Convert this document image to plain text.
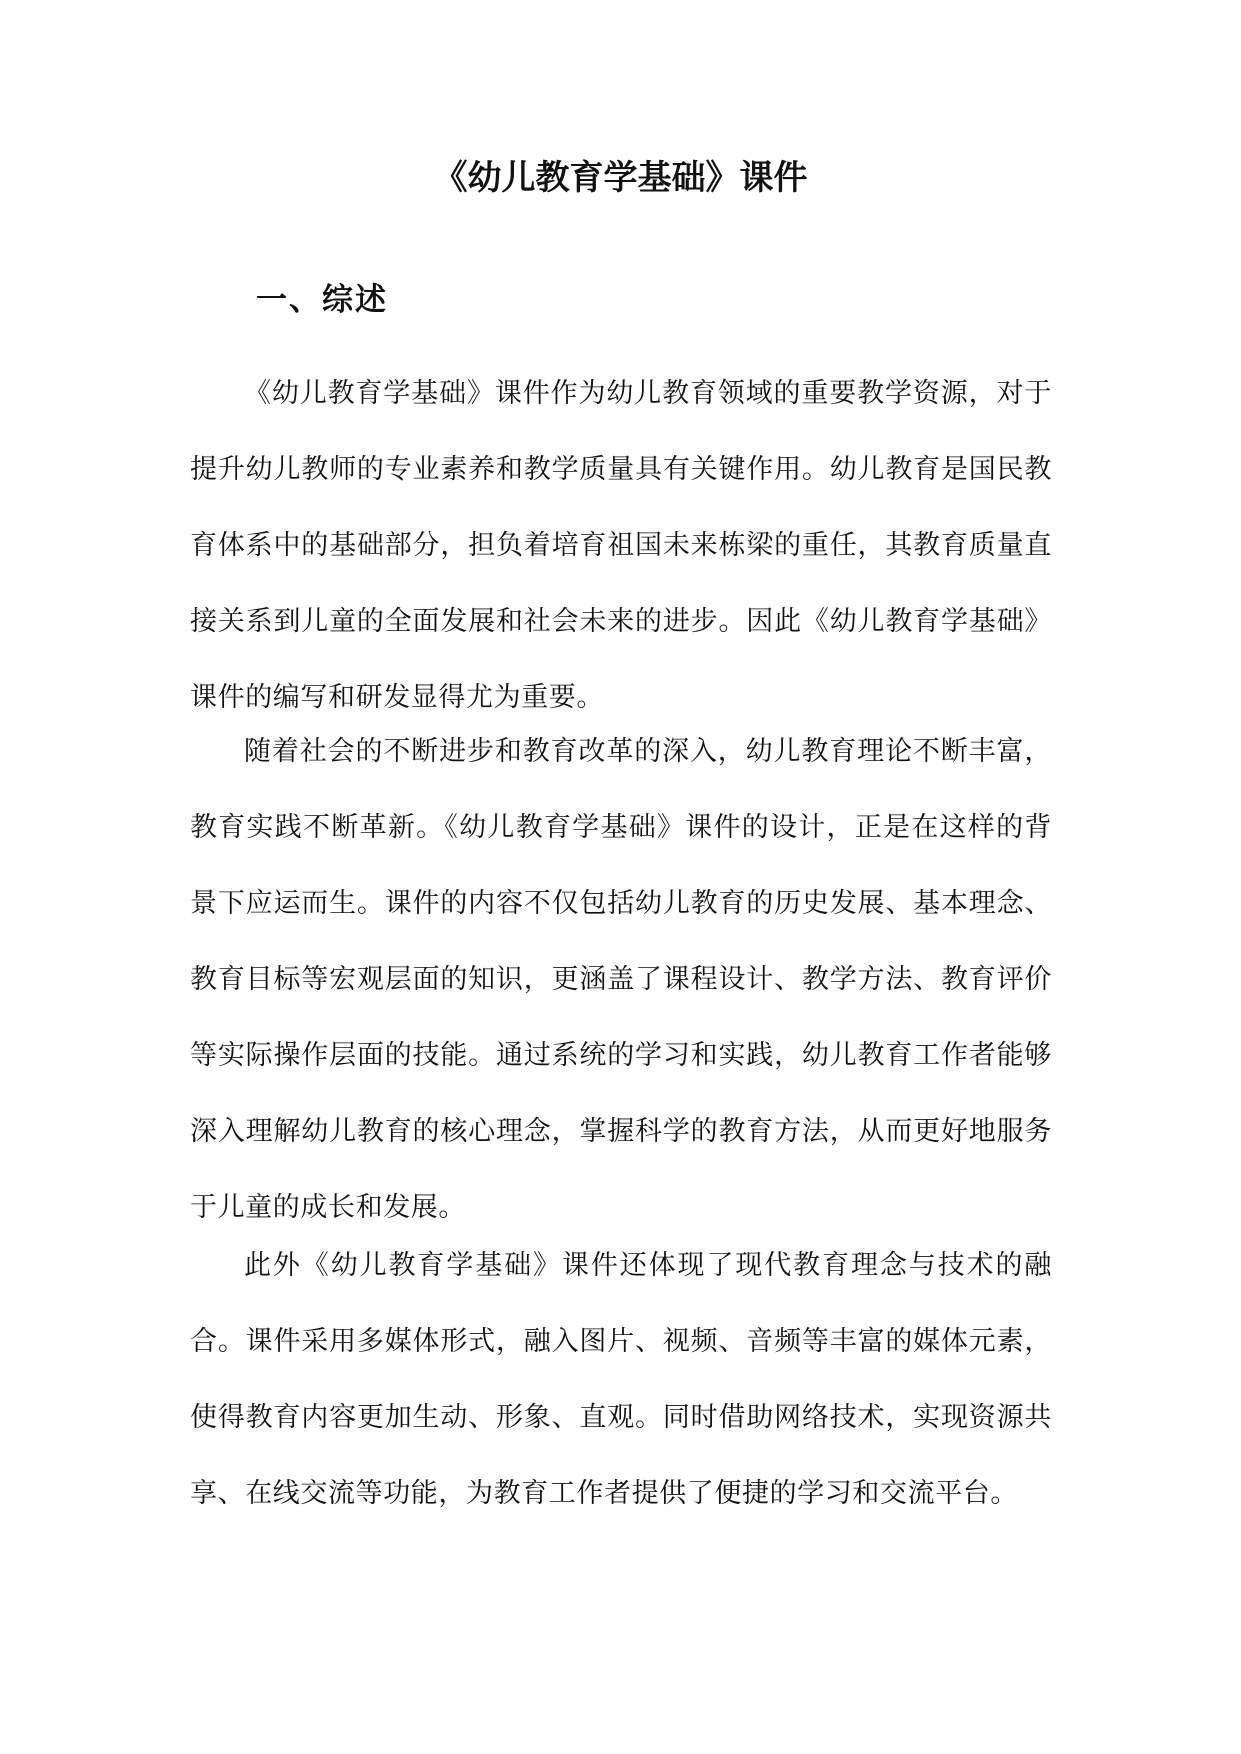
《幼儿教育学基础》课件
一、综述

《幼儿教育学基础》课件作为幼儿教育领域的重要教学资源，对于提升幼儿教师的专业素养和教学质量具有关键作用。幼儿教育是国民教育体系中的基础部分，担负着培育祖国未来栋梁的重任，其教育质量直接关系到儿童的全面发展和社会未来的进步。因此《幼儿教育学基础》课件的编写和研发显得尤为重要。

随着社会的不断进步和教育改革的深入，幼儿教育理论不断丰富，教育实践不断革新。《幼儿教育学基础》课件的设计，正是在这样的背景下应运而生。课件的内容不仅包括幼儿教育的历史发展、基本理念、教育目标等宏观层面的知识，更涵盖了课程设计、教学方法、教育评价等实际操作层面的技能。通过系统的学习和实践，幼儿教育工作者能够深入理解幼儿教育的核心理念，掌握科学的教育方法，从而更好地服务于儿童的成长和发展。

此外《幼儿教育学基础》课件还体现了现代教育理念与技术的融合。课件采用多媒体形式，融入图片、视频、音频等丰富的媒体元素，使得教育内容更加生动、形象、直观。同时借助网络技术，实现资源共享、在线交流等功能，为教育工作者提供了便捷的学习和交流平台。
